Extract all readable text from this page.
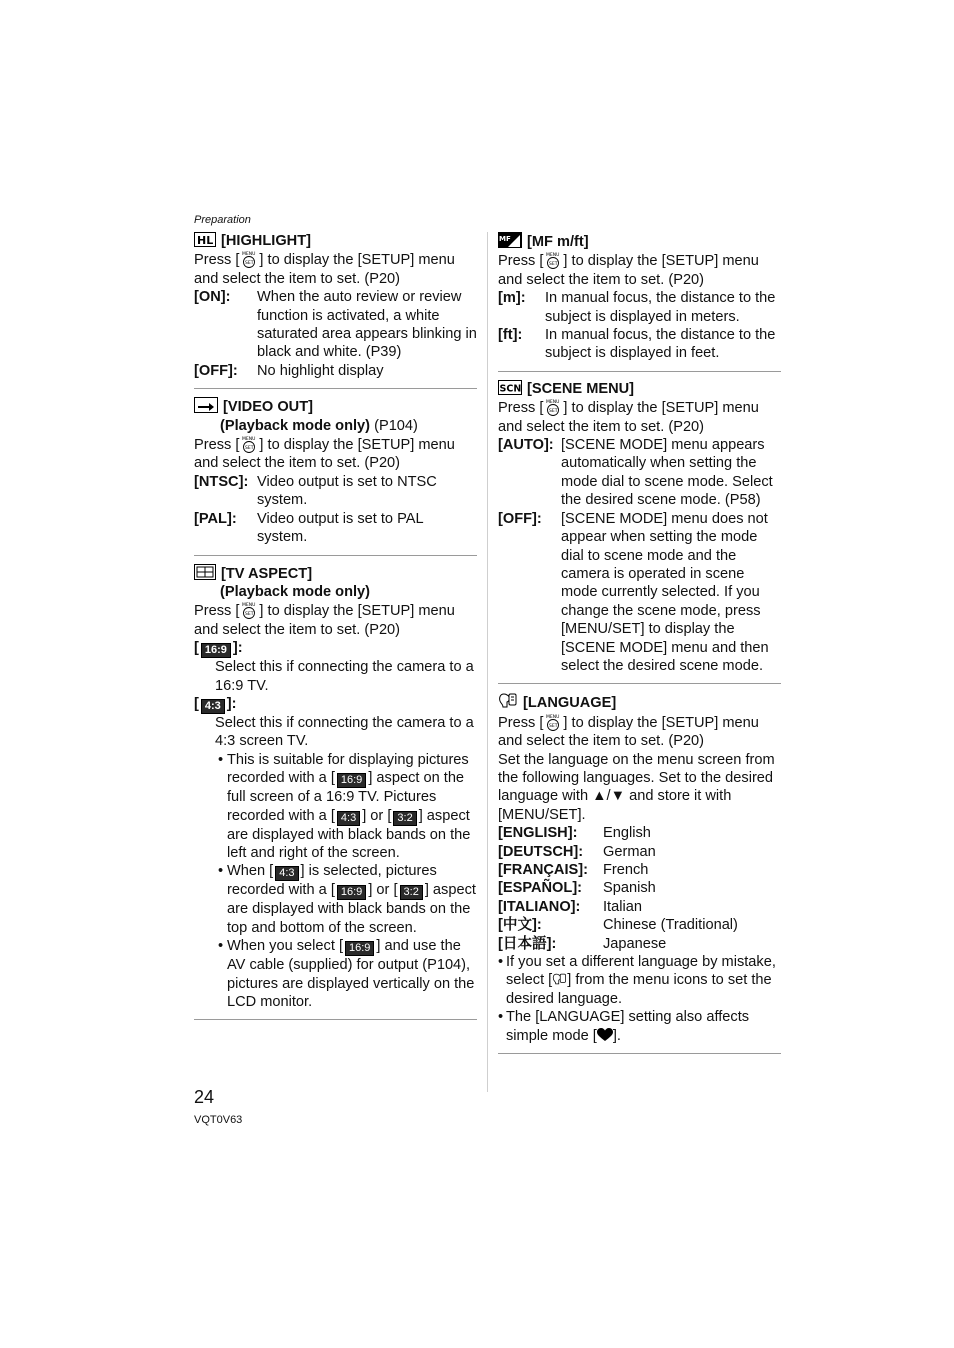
Preparation
HL [HIGHLIGHT]
Press [ MENU
SET ] to display the [SETUP] menu
and select the item to set. (P20)
[ON]:	When the auto review or review function is activated, a white saturated area appears blinking in black and white. (P39)
[OFF]:	No highlight display
[VIDEO OUT]
(Playback mode only) (P104)
Press [ MENU
SET ] to display the [SETUP] menu
and select the item to set. (P20)
[NTSC]: Video output is set to NTSC system.
[PAL]:	Video output is set to PAL system.
[TV ASPECT]
(Playback mode only)
Press [ MENU
SET ] to display the [SETUP] menu
and select the item to set. (P20)
[ 16:9 ]:
Select this if connecting the camera to a 16:9 TV.
[ 4:3 ]:
Select this if connecting the camera to a 4:3 screen TV.
• This is suitable for displaying pictures recorded with a [ 16:9 ] aspect on the full screen of a 16:9 TV. Pictures recorded with a [ 4:3 ] or [ 3:2 ] aspect are displayed with black bands on the left and right of the screen.
• When [ 4:3 ] is selected, pictures recorded with a [ 16:9 ] or [ 3:2 ] aspect are displayed with black bands on the top and bottom of the screen.
• When you select [ 16:9 ] and use the AV cable (supplied) for output (P104), pictures are displayed vertically on the LCD monitor.
MF [MF m/ft]
Press [ MENU
SET ] to display the [SETUP] menu
and select the item to set. (P20)
[m]:	In manual focus, the distance to the subject is displayed in meters.
[ft]:	In manual focus, the distance to the subject is displayed in feet.
SCN [SCENE MENU]
Press [ MENU
SET ] to display the [SETUP] menu
and select the item to set. (P20)
[AUTO]: [SCENE MODE] menu appears automatically when setting the mode dial to scene mode. Select the desired scene mode. (P58)
[OFF]:	[SCENE MODE] menu does not appear when setting the mode dial to scene mode and the camera is operated in scene mode currently selected. If you change the scene mode, press [MENU/SET] to display the [SCENE MODE] menu and then select the desired scene mode.
[LANGUAGE]
Press [ MENU
SET ] to display the [SETUP] menu
and select the item to set. (P20)
Set the language on the menu screen from the following languages. Set to the desired language with ▲/▼ and store it with [MENU/SET].
[ENGLISH]:	English
[DEUTSCH]:	German
[FRANÇAIS]:	French
[ESPAÑOL]:	Spanish
[ITALIANO]:	Italian
[中文]:	Chinese (Traditional)
[日本語]:	Japanese
• If you set a different language by mistake, select [ ] from the menu icons to set the desired language.
• The [LANGUAGE] setting also affects simple mode [ ].
24
VQT0V63
